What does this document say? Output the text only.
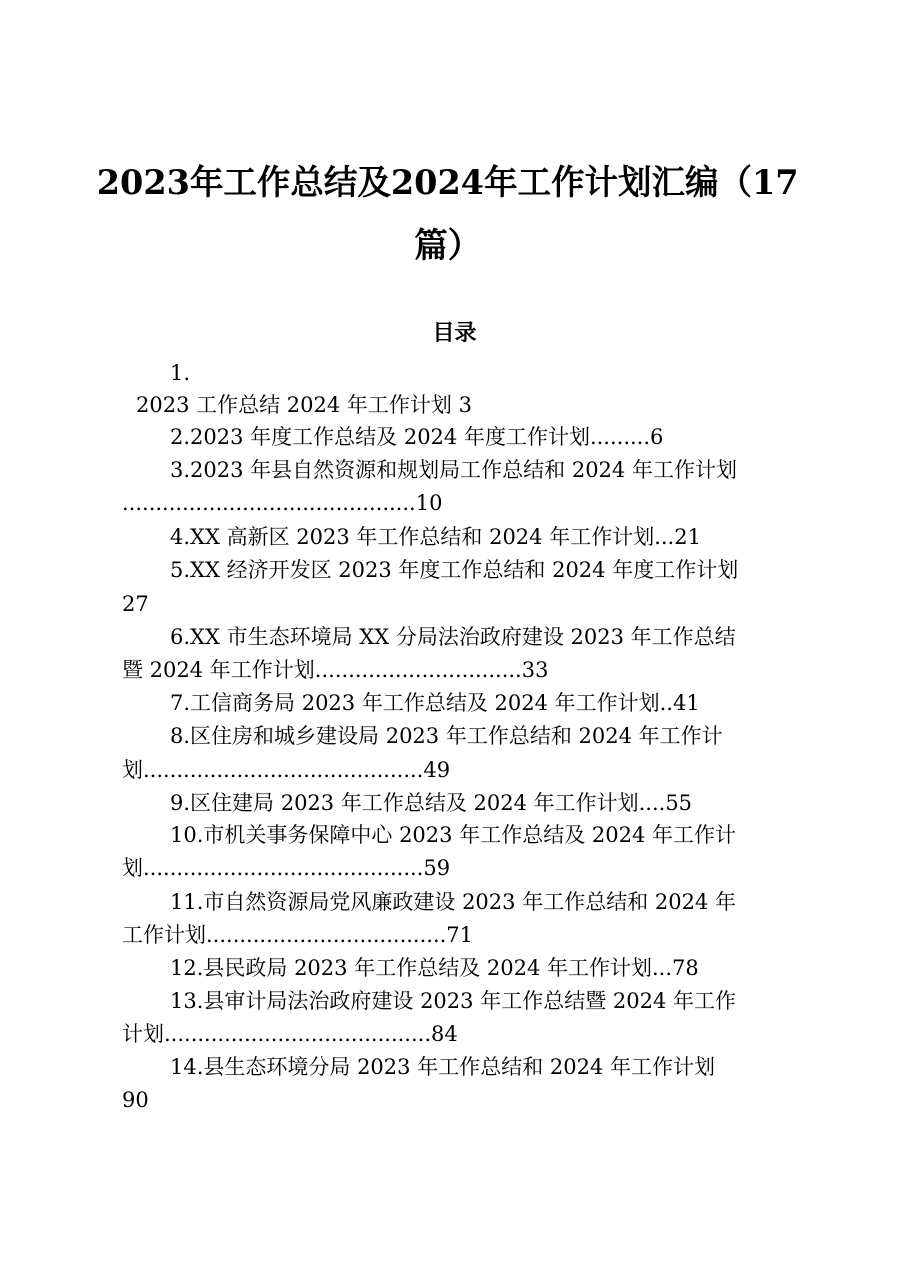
2023年工作总结及2024年工作计划汇编（17
篇）
目录
1.
2023 工作总结 2024 年工作计划 3
2.2023 年度工作总结及 2024 年度工作计划.........6
3.2023 年县自然资源和规划局工作总结和 2024 年工作计划
............................................10
4.XX 高新区 2023 年工作总结和 2024 年工作计划...21
5.XX 经济开发区 2023 年度工作总结和 2024 年度工作计划
27
6.XX 市生态环境局 XX 分局法治政府建设 2023 年工作总结
暨 2024 年工作计划...............................33
7.工信商务局 2023 年工作总结及 2024 年工作计划..41
8.区住房和城乡建设局 2023 年工作总结和 2024 年工作计
划..........................................49
9.区住建局 2023 年工作总结及 2024 年工作计划....55
10.市机关事务保障中心 2023 年工作总结及 2024 年工作计
划..........................................59
11.市自然资源局党风廉政建设 2023 年工作总结和 2024 年
工作计划....................................71
12.县民政局 2023 年工作总结及 2024 年工作计划...78
13.县审计局法治政府建设 2023 年工作总结暨 2024 年工作
计划........................................84
14.县生态环境分局 2023 年工作总结和 2024 年工作计划
90
